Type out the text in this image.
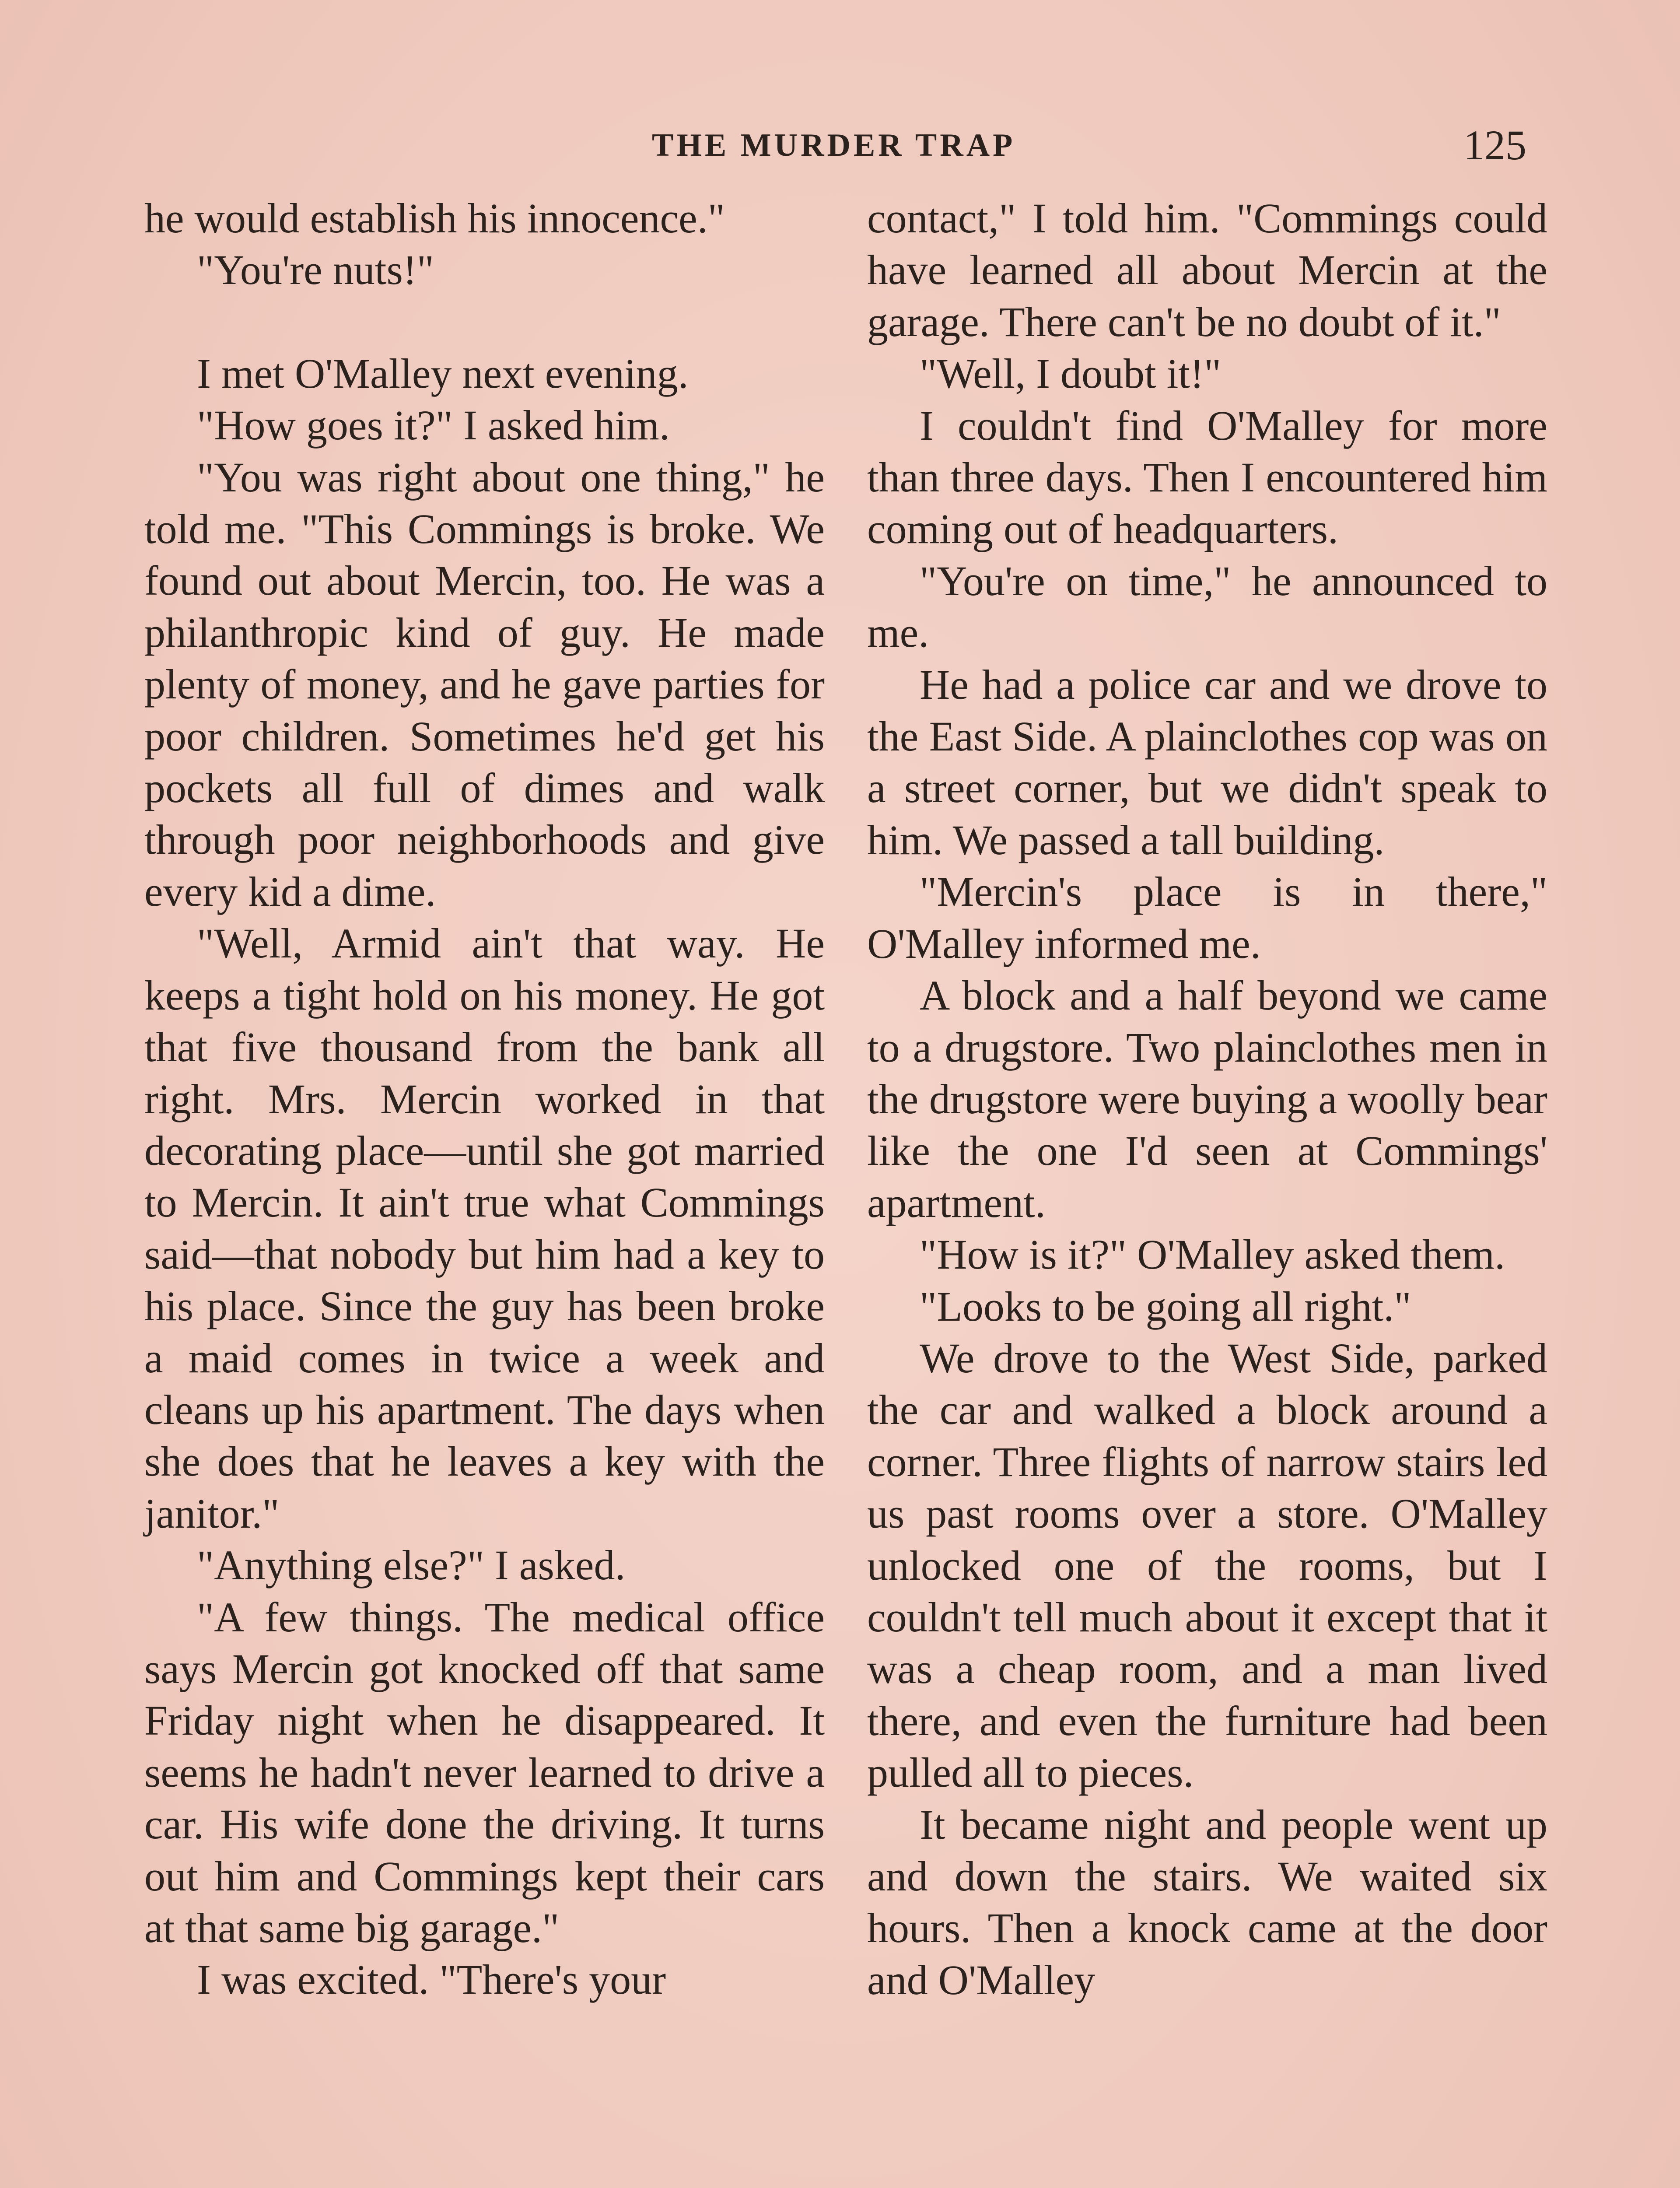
THE MURDER TRAP	125

he would establish his innocence."

"You're nuts!"

I met O'Malley next evening.

"How goes it?" I asked him.

"You was right about one thing," he told me. "This Commings is broke. We found out about Mercin, too. He was a philanthropic kind of guy. He made plenty of money, and he gave parties for poor children. Sometimes he'd get his pockets all full of dimes and walk through poor neighborhoods and give every kid a dime.

"Well, Armid ain't that way. He keeps a tight hold on his money. He got that five thousand from the bank all right. Mrs. Mercin worked in that decorating place—until she got married to Mercin. It ain't true what Commings said—that nobody but him had a key to his place. Since the guy has been broke a maid comes in twice a week and cleans up his apartment. The days when she does that he leaves a key with the janitor."

"Anything else?" I asked.

"A few things. The medical office says Mercin got knocked off that same Friday night when he disappeared. It seems he hadn't never learned to drive a car. His wife done the driving. It turns out him and Commings kept their cars at that same big garage."

I was excited. "There's your

contact," I told him. "Commings could have learned all about Mercin at the garage. There can't be no doubt of it."

"Well, I doubt it!"

I couldn't find O'Malley for more than three days. Then I encountered him coming out of headquarters.

"You're on time," he announced to me.

He had a police car and we drove to the East Side. A plainclothes cop was on a street corner, but we didn't speak to him. We passed a tall building.

"Mercin's place is in there," O'Malley informed me.

A block and a half beyond we came to a drugstore. Two plainclothes men in the drugstore were buying a woolly bear like the one I'd seen at Commings' apartment.

"How is it?" O'Malley asked them.

"Looks to be going all right."

We drove to the West Side, parked the car and walked a block around a corner. Three flights of narrow stairs led us past rooms over a store. O'Malley unlocked one of the rooms, but I couldn't tell much about it except that it was a cheap room, and a man lived there, and even the furniture had been pulled all to pieces.

It became night and people went up and down the stairs. We waited six hours. Then a knock came at the door and O'Malley
